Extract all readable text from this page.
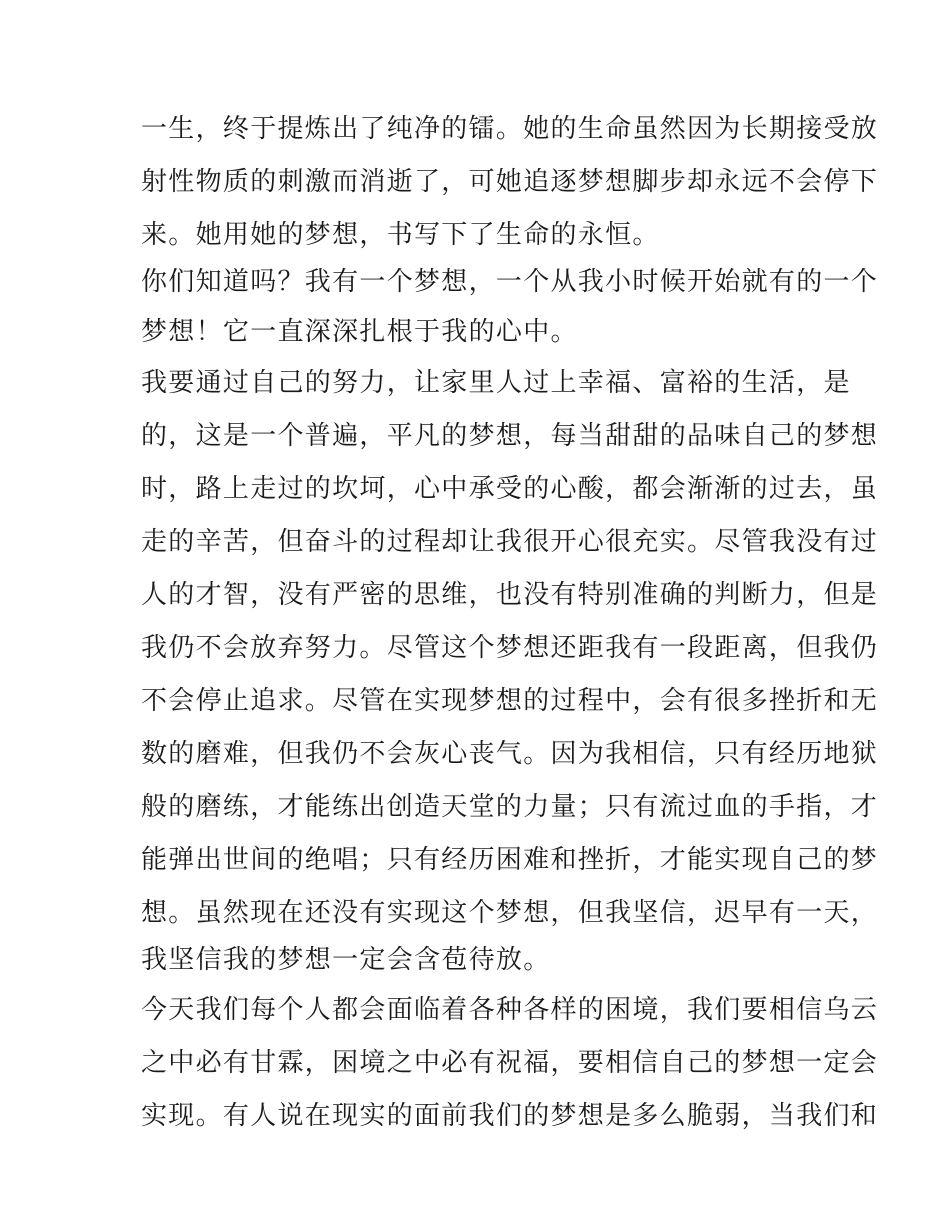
一生，终于提炼出了纯净的镭。她的生命虽然因为长期接受放
射性物质的刺激而消逝了，可她追逐梦想脚步却永远不会停下
来。她用她的梦想，书写下了生命的永恒。
你们知道吗？我有一个梦想，一个从我小时候开始就有的一个
梦想！它一直深深扎根于我的心中。
我要通过自己的努力，让家里人过上幸福、富裕的生活，是
的，这是一个普遍，平凡的梦想，每当甜甜的品味自己的梦想
时，路上走过的坎坷，心中承受的心酸，都会渐渐的过去，虽
走的辛苦，但奋斗的过程却让我很开心很充实。尽管我没有过
人的才智，没有严密的思维，也没有特别准确的判断力，但是
我仍不会放弃努力。尽管这个梦想还距我有一段距离，但我仍
不会停止追求。尽管在实现梦想的过程中，会有很多挫折和无
数的磨难，但我仍不会灰心丧气。因为我相信，只有经历地狱
般的磨练，才能练出创造天堂的力量；只有流过血的手指，才
能弹出世间的绝唱；只有经历困难和挫折，才能实现自己的梦
想。虽然现在还没有实现这个梦想，但我坚信，迟早有一天，
我坚信我的梦想一定会含苞待放。
今天我们每个人都会面临着各种各样的困境，我们要相信乌云
之中必有甘霖，困境之中必有祝福，要相信自己的梦想一定会
实现。有人说在现实的面前我们的梦想是多么脆弱，当我们和
